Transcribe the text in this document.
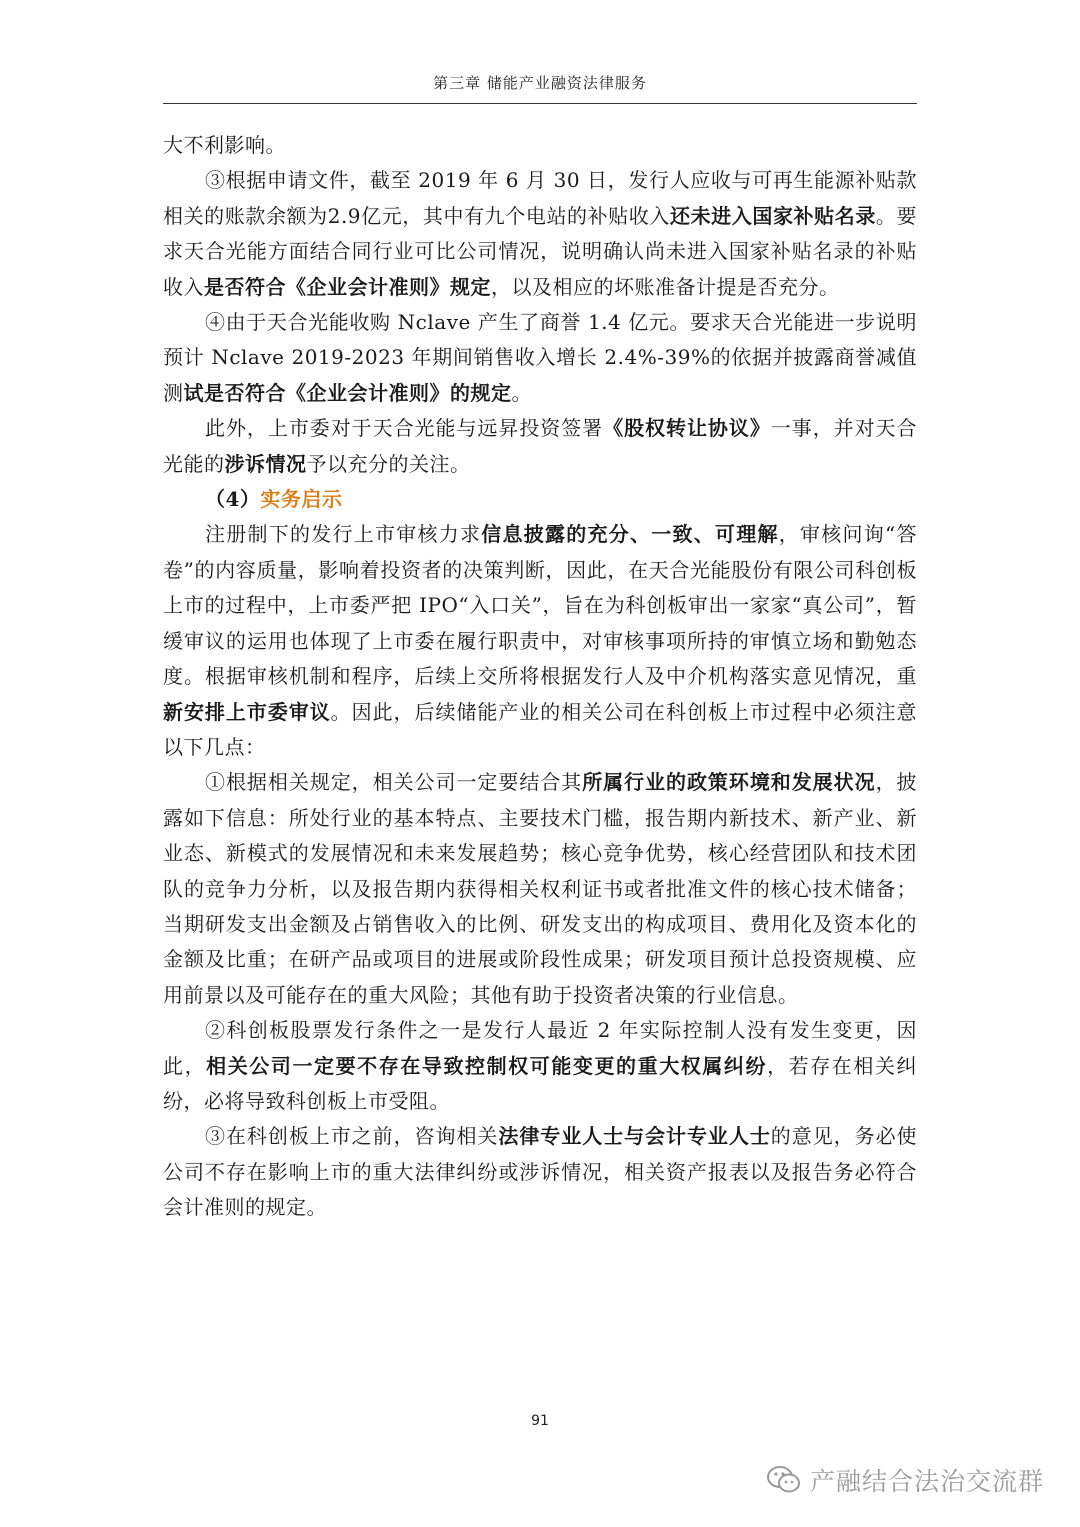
第三章 储能产业融资法律服务

大不利影响。

③根据申请文件，截至 2019 年 6 月 30 日，发行人应收与可再生能源补贴款相关的账款余额为2.9亿元，其中有九个电站的补贴收入还未进入国家补贴名录。要求天合光能方面结合同行业可比公司情况，说明确认尚未进入国家补贴名录的补贴收入是否符合《企业会计准则》规定，以及相应的坏账准备计提是否充分。

④由于天合光能收购 Nclave 产生了商誉 1.4 亿元。要求天合光能进一步说明预计 Nclave 2019-2023 年期间销售收入增长 2.4%-39%的依据并披露商誉减值测试是否符合《企业会计准则》的规定。

此外，上市委对于天合光能与远昇投资签署《股权转让协议》一事，并对天合光能的涉诉情况予以充分的关注。

（4）实务启示

注册制下的发行上市审核力求信息披露的充分、一致、可理解，审核问询“答卷”的内容质量，影响着投资者的决策判断，因此，在天合光能股份有限公司科创板上市的过程中，上市委严把 IPO“入口关”，旨在为科创板审出一家家“真公司”，暂缓审议的运用也体现了上市委在履行职责中，对审核事项所持的审慎立场和勤勉态度。根据审核机制和程序，后续上交所将根据发行人及中介机构落实意见情况，重新安排上市委审议。因此，后续储能产业的相关公司在科创板上市过程中必须注意以下几点：

①根据相关规定，相关公司一定要结合其所属行业的政策环境和发展状况，披露如下信息：所处行业的基本特点、主要技术门槛，报告期内新技术、新产业、新业态、新模式的发展情况和未来发展趋势；核心竞争优势，核心经营团队和技术团队的竞争力分析，以及报告期内获得相关权利证书或者批准文件的核心技术储备；当期研发支出金额及占销售收入的比例、研发支出的构成项目、费用化及资本化的金额及比重；在研产品或项目的进展或阶段性成果；研发项目预计总投资规模、应用前景以及可能存在的重大风险；其他有助于投资者决策的行业信息。

②科创板股票发行条件之一是发行人最近 2 年实际控制人没有发生变更，因此，相关公司一定要不存在导致控制权可能变更的重大权属纠纷，若存在相关纠纷，必将导致科创板上市受阻。

③在科创板上市之前，咨询相关法律专业人士与会计专业人士的意见，务必使公司不存在影响上市的重大法律纠纷或涉诉情况，相关资产报表以及报告务必符合会计准则的规定。

91
产融结合法治交流群
